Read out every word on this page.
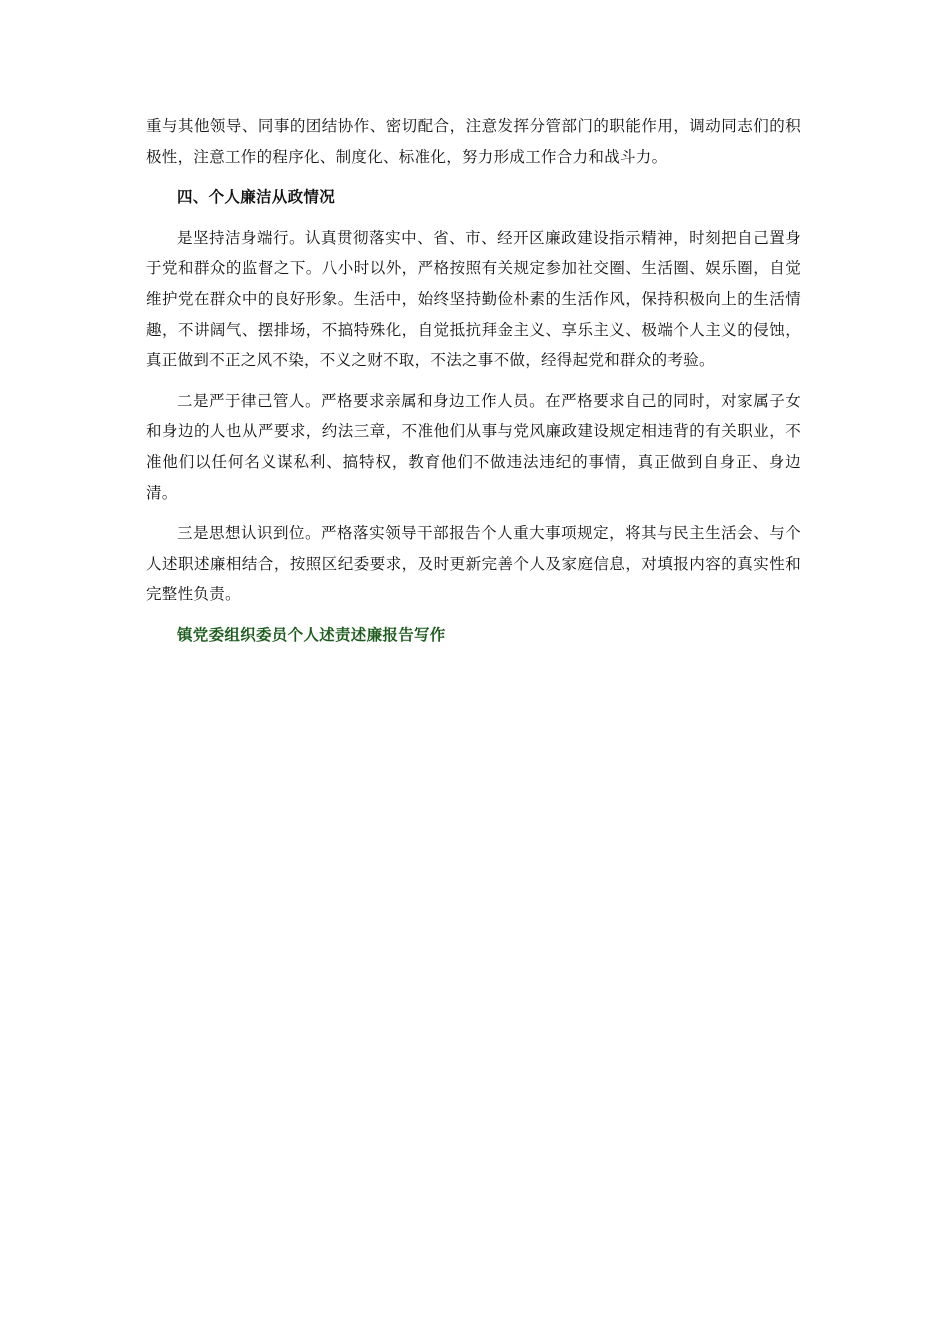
重与其他领导、同事的团结协作、密切配合，注意发挥分管部门的职能作用，调动同志们的积极性，注意工作的程序化、制度化、标准化，努力形成工作合力和战斗力。

四、个人廉洁从政情况

是坚持洁身端行。认真贯彻落实中、省、市、经开区廉政建设指示精神，时刻把自己置身于党和群众的监督之下。八小时以外，严格按照有关规定参加社交圈、生活圈、娱乐圈，自觉维护党在群众中的良好形象。生活中，始终坚持勤俭朴素的生活作风，保持积极向上的生活情趣，不讲阔气、摆排场，不搞特殊化，自觉抵抗拜金主义、享乐主义、极端个人主义的侵蚀，真正做到不正之风不染，不义之财不取，不法之事不做，经得起党和群众的考验。

二是严于律己管人。严格要求亲属和身边工作人员。在严格要求自己的同时，对家属子女和身边的人也从严要求，约法三章，不准他们从事与党风廉政建设规定相违背的有关职业，不准他们以任何名义谋私利、搞特权，教育他们不做违法违纪的事情，真正做到自身正、身边清。

三是思想认识到位。严格落实领导干部报告个人重大事项规定，将其与民主生活会、与个人述职述廉相结合，按照区纪委要求，及时更新完善个人及家庭信息，对填报内容的真实性和完整性负责。

镇党委组织委员个人述责述廉报告写作
